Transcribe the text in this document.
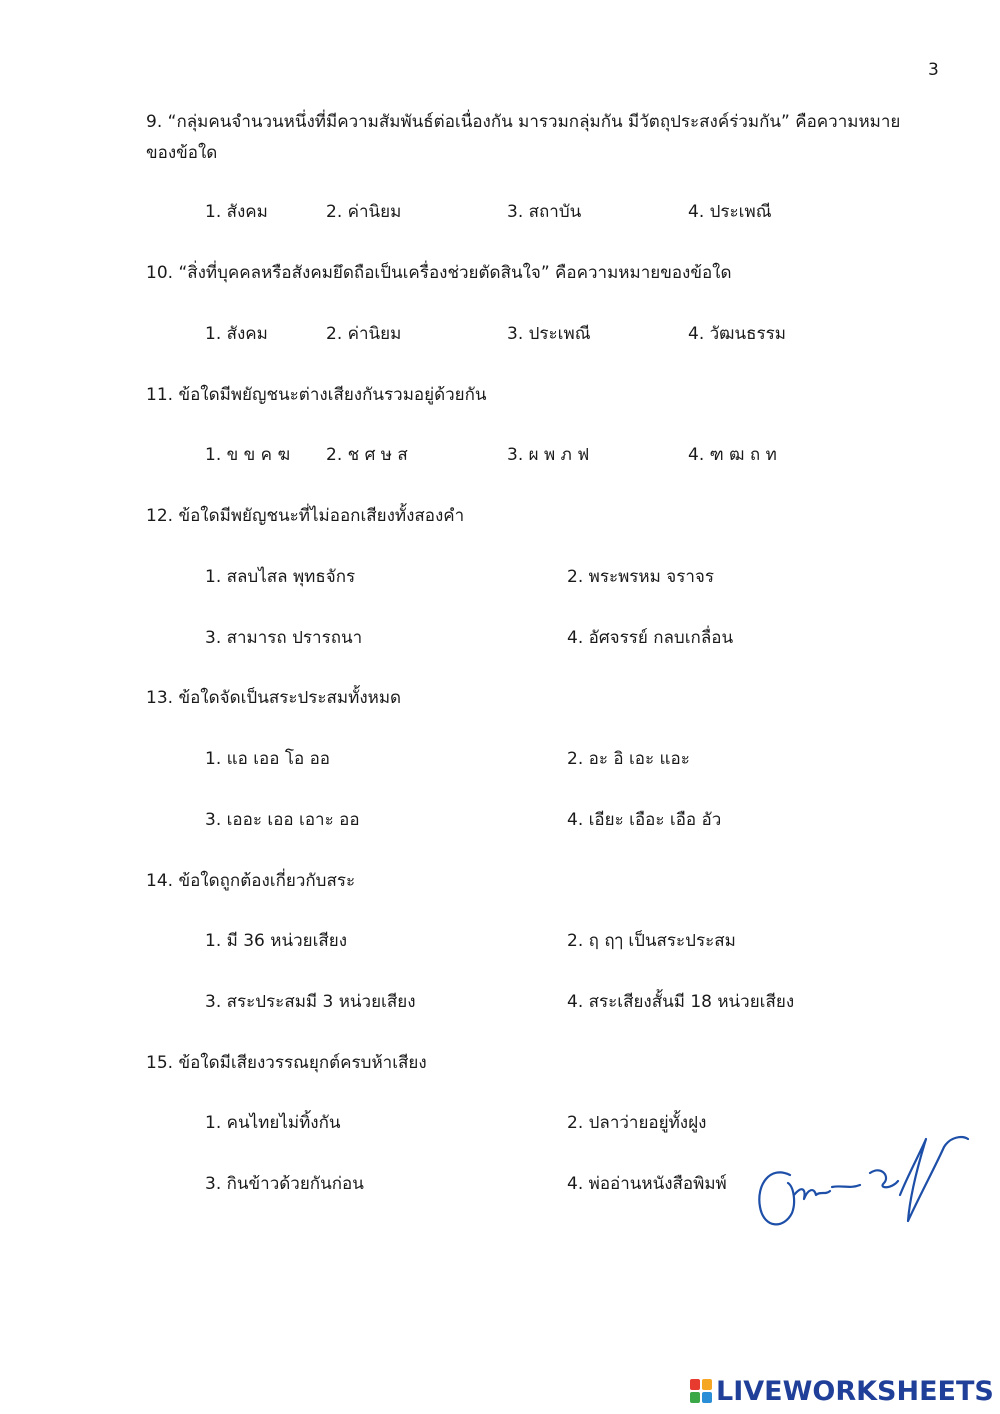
3
9. “กลุ่มคนจำนวนหนึ่งที่มีความสัมพันธ์ต่อเนื่องกัน มารวมกลุ่มกัน มีวัตถุประสงค์ร่วมกัน” คือความหมายของข้อใด
1. สังคม	2. ค่านิยม	3. สถาบัน	4. ประเพณี
10. “สิ่งที่บุคคลหรือสังคมยึดถือเป็นเครื่องช่วยตัดสินใจ” คือความหมายของข้อใด
1. สังคม	2. ค่านิยม	3. ประเพณี	4. วัฒนธรรม
11. ข้อใดมีพยัญชนะต่างเสียงกันรวมอยู่ด้วยกัน
1. ข ข ค ฆ 2. ช ศ ษ ส	3. ผ พ ภ ฟ	4. ฑ ฒ ถ ท
12. ข้อใดมีพยัญชนะที่ไม่ออกเสียงทั้งสองคำ
1. สลบไสล พุทธจักร	2. พระพรหม จราจร
3. สามารถ ปรารถนา	4. อัศจรรย์ กลบเกลื่อน
13. ข้อใดจัดเป็นสระประสมทั้งหมด
1. แอ เออ โอ ออ	2. อะ อิ เอะ แอะ
3. เออะ เออ เอาะ ออ	4. เอียะ เอือะ เอือ อัว
14. ข้อใดถูกต้องเกี่ยวกับสระ
1. มี 36 หน่วยเสียง	2. ฤ ฤๅ เป็นสระประสม
3. สระประสมมี 3 หน่วยเสียง	4. สระเสียงสั้นมี 18 หน่วยเสียง
15. ข้อใดมีเสียงวรรณยุกต์ครบห้าเสียง
1. คนไทยไม่ทิ้งกัน	2. ปลาว่ายอยู่ทั้งฝูง
3. กินข้าวด้วยกันก่อน	4. พ่ออ่านหนังสือพิมพ์
LIVEWORKSHEETS
